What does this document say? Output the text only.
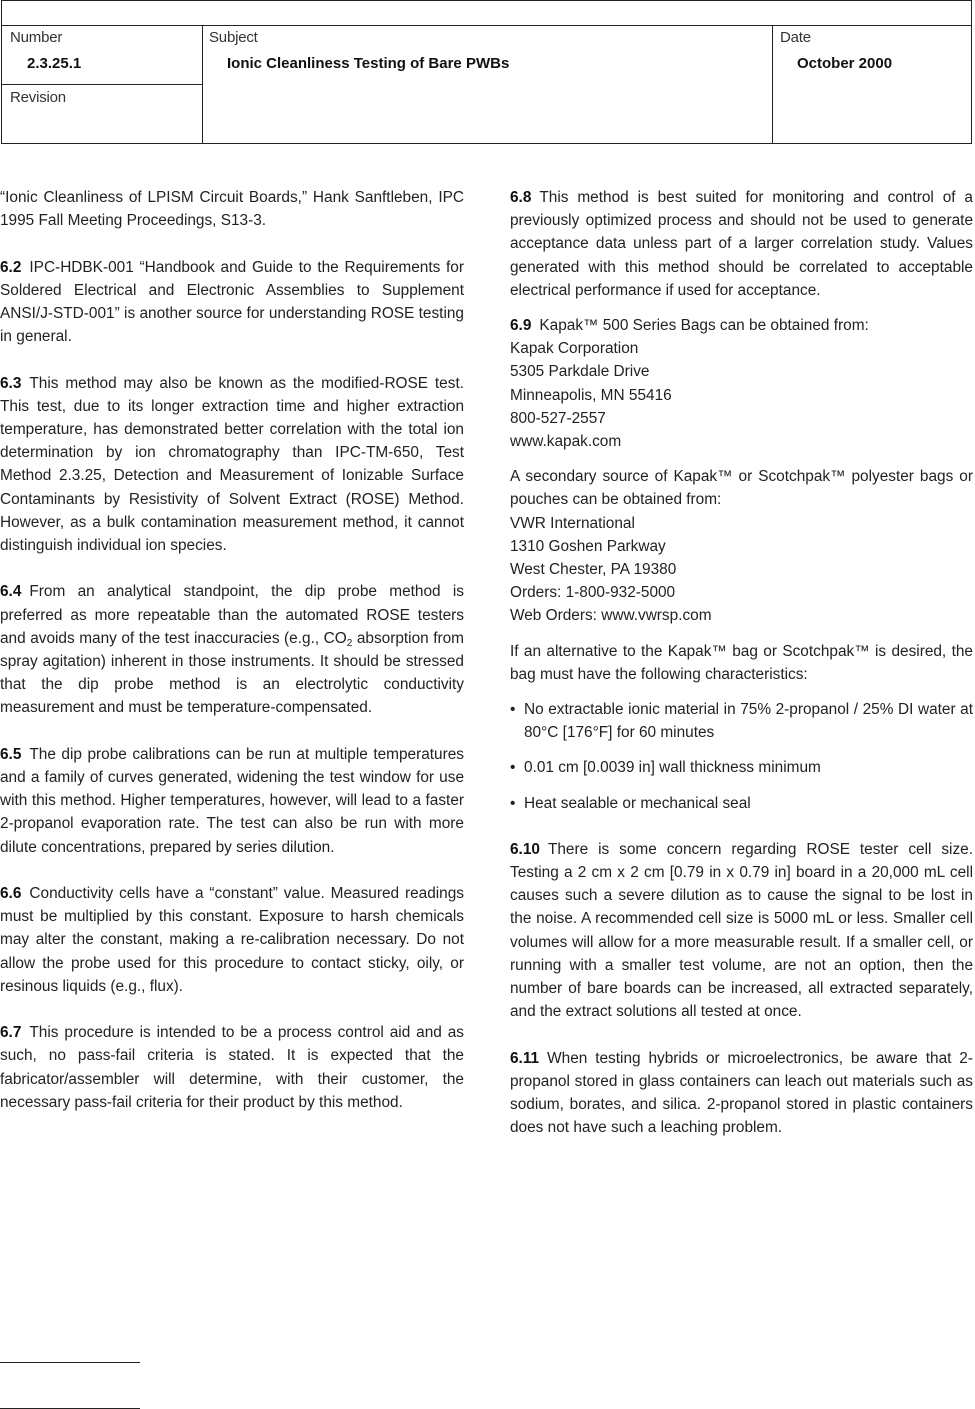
Number
2.3.25.1
Revision
Subject
Ionic Cleanliness Testing of Bare PWBs
Date
October 2000

“Ionic Cleanliness of LPISM Circuit Boards,” Hank Sanftleben, IPC 1995 Fall Meeting Proceedings, S13-3.

6.2 IPC-HDBK-001 “Handbook and Guide to the Requirements for Soldered Electrical and Electronic Assemblies to Supplement ANSI/J-STD-001” is another source for understanding ROSE testing in general.

6.3 This method may also be known as the modified-ROSE test. This test, due to its longer extraction time and higher extraction temperature, has demonstrated better correlation with the total ion determination by ion chromatography than IPC-TM-650, Test Method 2.3.25, Detection and Measurement of Ionizable Surface Contaminants by Resistivity of Solvent Extract (ROSE) Method. However, as a bulk contamination measurement method, it cannot distinguish individual ion species.

6.4 From an analytical standpoint, the dip probe method is preferred as more repeatable than the automated ROSE testers and avoids many of the test inaccuracies (e.g., $CO_2$ absorption from spray agitation) inherent in those instruments. It should be stressed that the dip probe method is an electrolytic conductivity measurement and must be temperature-compensated.

6.5 The dip probe calibrations can be run at multiple temperatures and a family of curves generated, widening the test window for use with this method. Higher temperatures, however, will lead to a faster 2-propanol evaporation rate. The test can also be run with more dilute concentrations, prepared by series dilution.

6.6 Conductivity cells have a “constant” value. Measured readings must be multiplied by this constant. Exposure to harsh chemicals may alter the constant, making a re-calibration necessary. Do not allow the probe used for this procedure to contact sticky, oily, or resinous liquids (e.g., flux).

6.7 This procedure is intended to be a process control aid and as such, no pass-fail criteria is stated. It is expected that the fabricator/assembler will determine, with their customer, the necessary pass-fail criteria for their product by this method.

6.8 This method is best suited for monitoring and control of a previously optimized process and should not be used to generate acceptance data unless part of a larger correlation study. Values generated with this method should be correlated to acceptable electrical performance if used for acceptance.

6.9 Kapak™ 500 Series Bags can be obtained from:
Kapak Corporation
5305 Parkdale Drive
Minneapolis, MN 55416
800-527-2557
www.kapak.com
A secondary source of Kapak™ or Scotchpak™ polyester bags or pouches can be obtained from:
VWR International
1310 Goshen Parkway
West Chester, PA 19380
Orders: 1-800-932-5000
Web Orders: www.vwrsp.com

If an alternative to the Kapak™ bag or Scotchpak™ is desired, the bag must have the following characteristics:

• No extractable ionic material in 75% 2-propanol / 25% DI water at 80°C [176°F] for 60 minutes

• 0.01 cm [0.0039 in] wall thickness minimum

• Heat sealable or mechanical seal

6.10 There is some concern regarding ROSE tester cell size. Testing a 2 cm x 2 cm [0.79 in x 0.79 in] board in a 20,000 mL cell causes such a severe dilution as to cause the signal to be lost in the noise. A recommended cell size is 5000 mL or less. Smaller cell volumes will allow for a more measurable result. If a smaller cell, or running with a smaller test volume, are not an option, then the number of bare boards can be increased, all extracted separately, and the extract solutions all tested at once.

6.11 When testing hybrids or microelectronics, be aware that 2-propanol stored in glass containers can leach out materials such as sodium, borates, and silica. 2-propanol stored in plastic containers does not have such a leaching problem.
